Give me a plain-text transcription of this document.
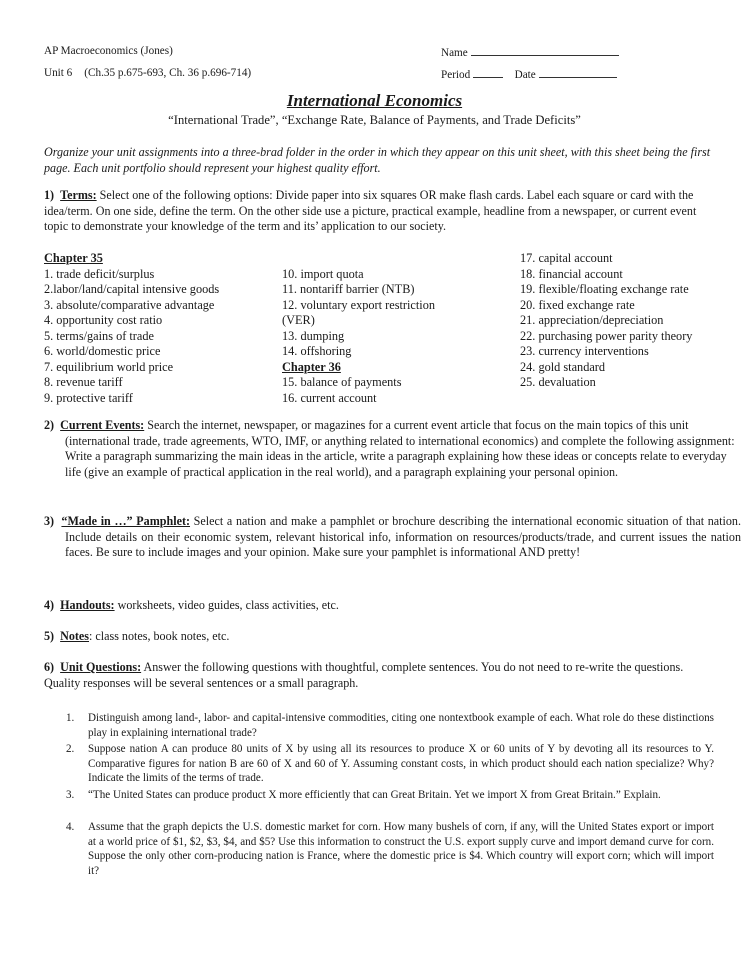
AP Macroeconomics (Jones)
Unit 6 (Ch.35 p.675-693, Ch. 36 p.696-714)
Name
Period	Date
International Economics
“International Trade”, “Exchange Rate, Balance of Payments, and Trade Deficits”
Organize your unit assignments into a three-brad folder in the order in which they appear on this unit sheet, with this sheet being the first page. Each unit portfolio should represent your highest quality effort.
1) Terms: Select one of the following options: Divide paper into six squares OR make flash cards. Label each square or card with the idea/term. On one side, define the term. On the other side use a picture, practical example, headline from a newspaper, or current event topic to demonstrate your knowledge of the term and its’ application to our society.
Chapter 35
1. trade deficit/surplus
2.labor/land/capital intensive goods
3. absolute/comparative advantage
4. opportunity cost ratio
5. terms/gains of trade
6. world/domestic price
7. equilibrium world price
8. revenue tariff
9. protective tariff
10. import quota
11. nontariff barrier (NTB)
12. voluntary export restriction
(VER)
13. dumping
14. offshoring
Chapter 36
15. balance of payments
16. current account
17. capital account
18. financial account
19. flexible/floating exchange rate
20. fixed exchange rate
21. appreciation/depreciation
22. purchasing power parity theory
23. currency interventions
24. gold standard
25. devaluation
2) Current Events: Search the internet, newspaper, or magazines for a current event article that focus on the main topics of this unit (international trade, trade agreements, WTO, IMF, or anything related to international economics) and complete the following assignment: Write a paragraph summarizing the main ideas in the article, write a paragraph explaining how these ideas or concepts relate to everyday life (give an example of practical application in the real world), and a paragraph explaining your personal opinion.
3) “Made in …” Pamphlet: Select a nation and make a pamphlet or brochure describing the international economic situation of that nation. Include details on their economic system, relevant historical info, information on resources/products/trade, and current issues the nation faces. Be sure to include images and your opinion. Make sure your pamphlet is informational AND pretty!
4) Handouts: worksheets, video guides, class activities, etc.
5) Notes: class notes, book notes, etc.
6) Unit Questions: Answer the following questions with thoughtful, complete sentences. You do not need to re-write the questions. Quality responses will be several sentences or a small paragraph.
1. Distinguish among land-, labor- and capital-intensive commodities, citing one nontextbook example of each. What role do these distinctions play in explaining international trade?
2. Suppose nation A can produce 80 units of X by using all its resources to produce X or 60 units of Y by devoting all its resources to Y. Comparative figures for nation B are 60 of X and 60 of Y. Assuming constant costs, in which product should each nation specialize? Why? Indicate the limits of the terms of trade.
3. “The United States can produce product X more efficiently that can Great Britain. Yet we import X from Great Britain.” Explain.
4. Assume that the graph depicts the U.S. domestic market for corn. How many bushels of corn, if any, will the United States export or import at a world price of $1, $2, $3, $4, and $5? Use this information to construct the U.S. export supply curve and import demand curve for corn. Suppose the only other corn-producing nation is France, where the domestic price is $4. Which country will export corn; which will import it?
